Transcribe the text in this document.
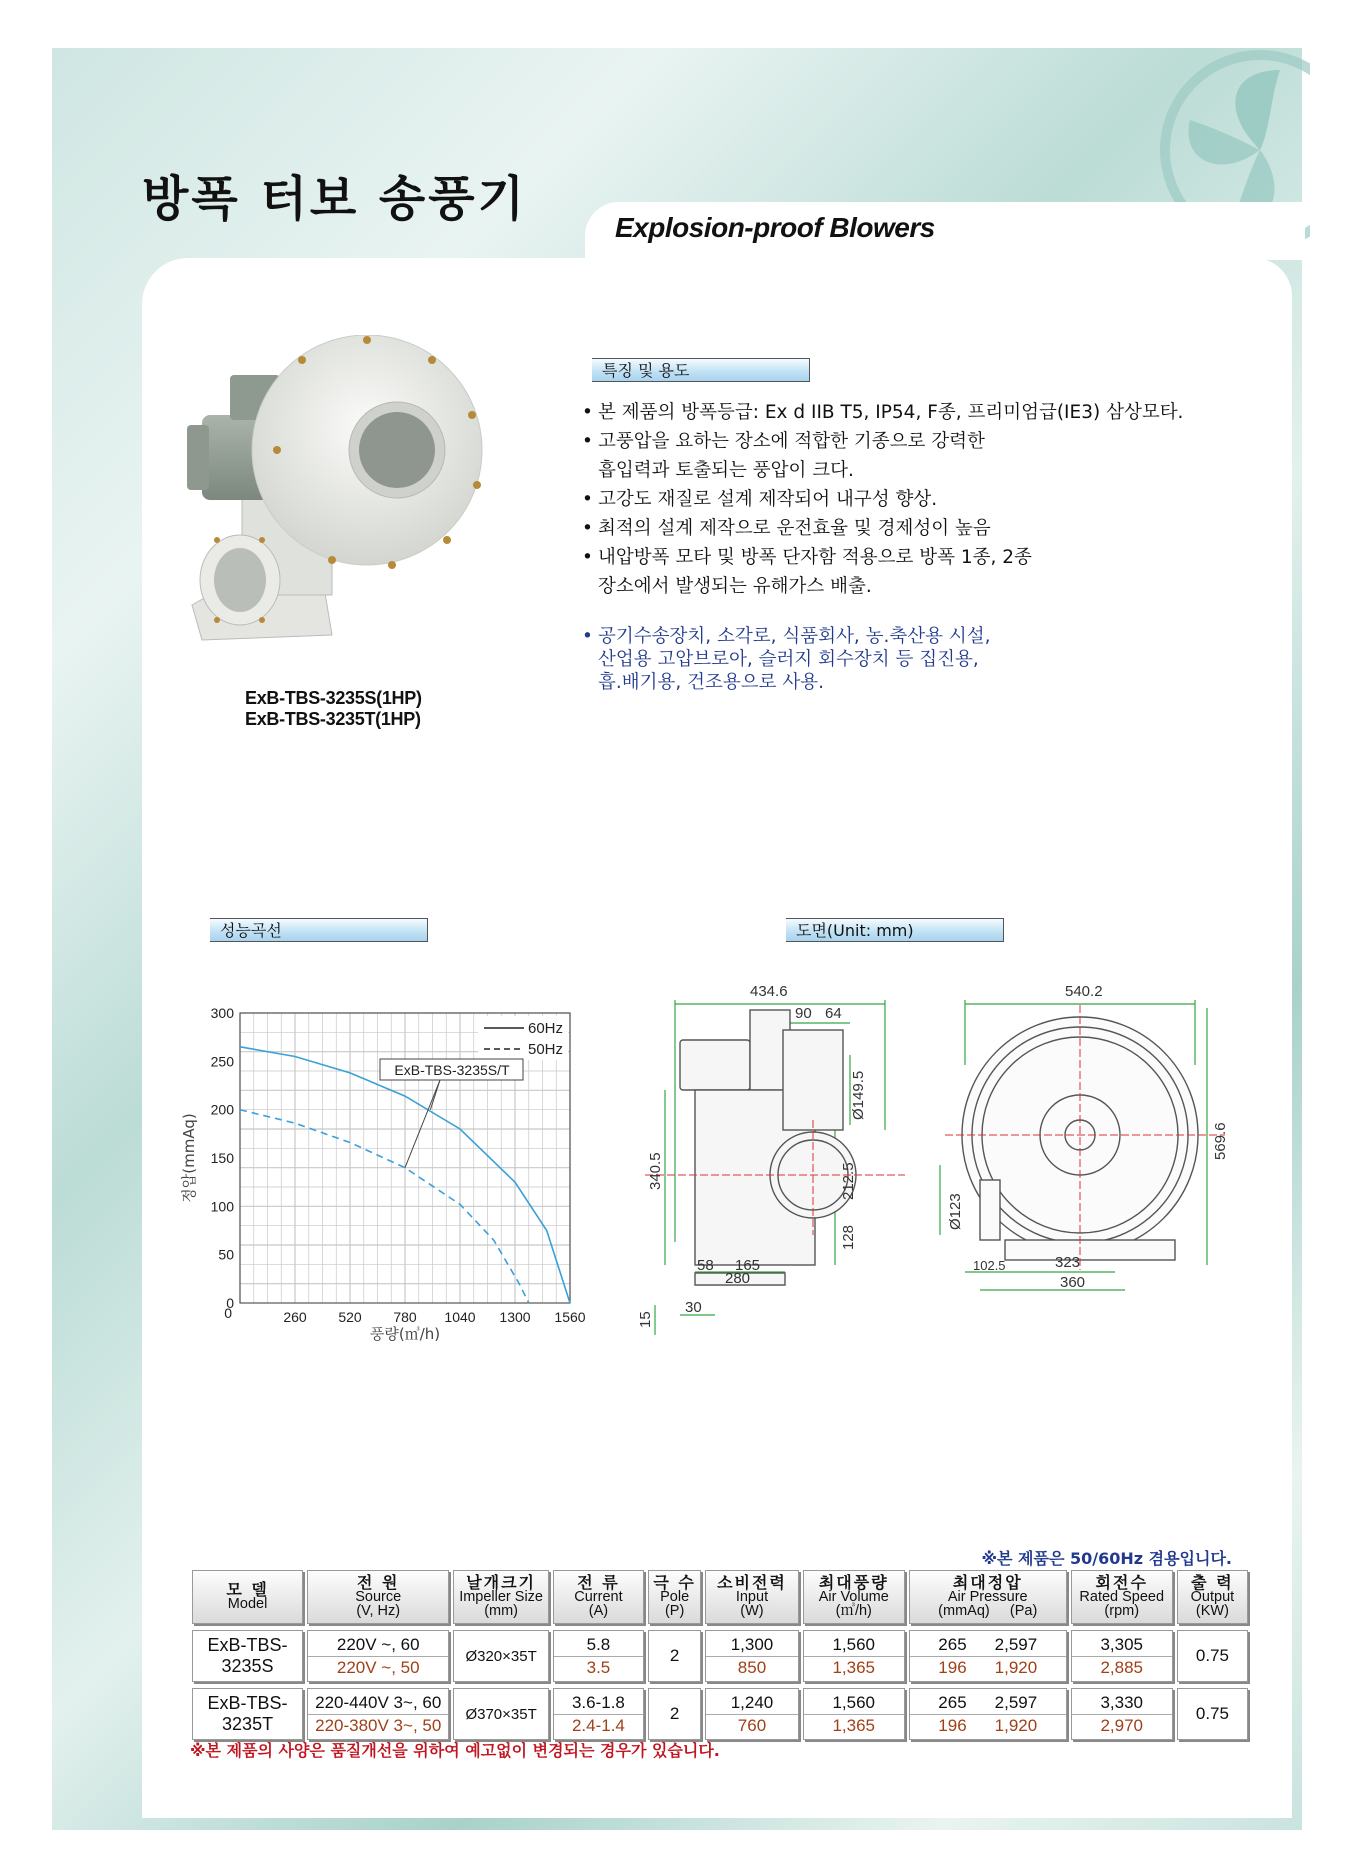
방폭 터보 송풍기
Explosion-proof Blowers
ExB-TBS-3235S(1HP)
ExB-TBS-3235T(1HP)
특징 및 용도
• 본 제품의 방폭등급: Ex d IIB T5, IP54, F종, 프리미엄급(IE3) 삼상모타.
• 고풍압을 요하는 장소에 적합한 기종으로 강력한
흡입력과 토출되는 풍압이 크다.
• 고강도 재질로 설계 제작되어 내구성 향상.
• 최적의 설계 제작으로 운전효율 및 경제성이 높음
• 내압방폭 모타 및 방폭 단자함 적용으로 방폭 1종, 2종
장소에서 발생되는 유해가스 배출.
• 공기수송장치, 소각로, 식품회사, 농.축산용 시설,
산업용 고압브로아, 슬러지 회수장치 등 집진용,
흡.배기용, 건조용으로 사용.
성능곡선
0
50
100
150
200
250
300
0	260 520 780 1040 1300 1560
풍량(㎥/h)
정압(mmAq)
60Hz
50Hz
ExB-TBS-3235S/T
도면(Unit: mm)
434.6
90 64
Ø149.5
340.5	212.5
128
58 165
280
15
30
540.2
569.6
Ø123
102.5	323
360
※본 제품은 50/60Hz 겸용입니다.
모 델
Model	전 원
Source
(V, Hz)	날개크기
Impeller Size
(mm)	전 류
Current
(A)	극 수
Pole
(P)	소비전력
Input
(W)	최대풍량
Air Volume
(㎥/h)	최대정압
Air Pressure
(mmAq) (Pa)	회전수
Rated Speed
(rpm)	출 력
Output
(KW)

ExB-TBS-3235S	220V ~, 60
220V ~, 50	Ø320×35T	5.8
3.5	2	1,300
850	1,560
1,365	265 2,597
196 1,920	3,305
2,885	0.75

ExB-TBS-3235T	220-440V 3~, 60
220-380V 3~, 50	Ø370×35T	3.6-1.8
2.4-1.4	2	1,240
760	1,560
1,365	265 2,597
196 1,920	3,330
2,970	0.75
※본 제품의 사양은 품질개선을 위하여 예고없이 변경되는 경우가 있습니다.
